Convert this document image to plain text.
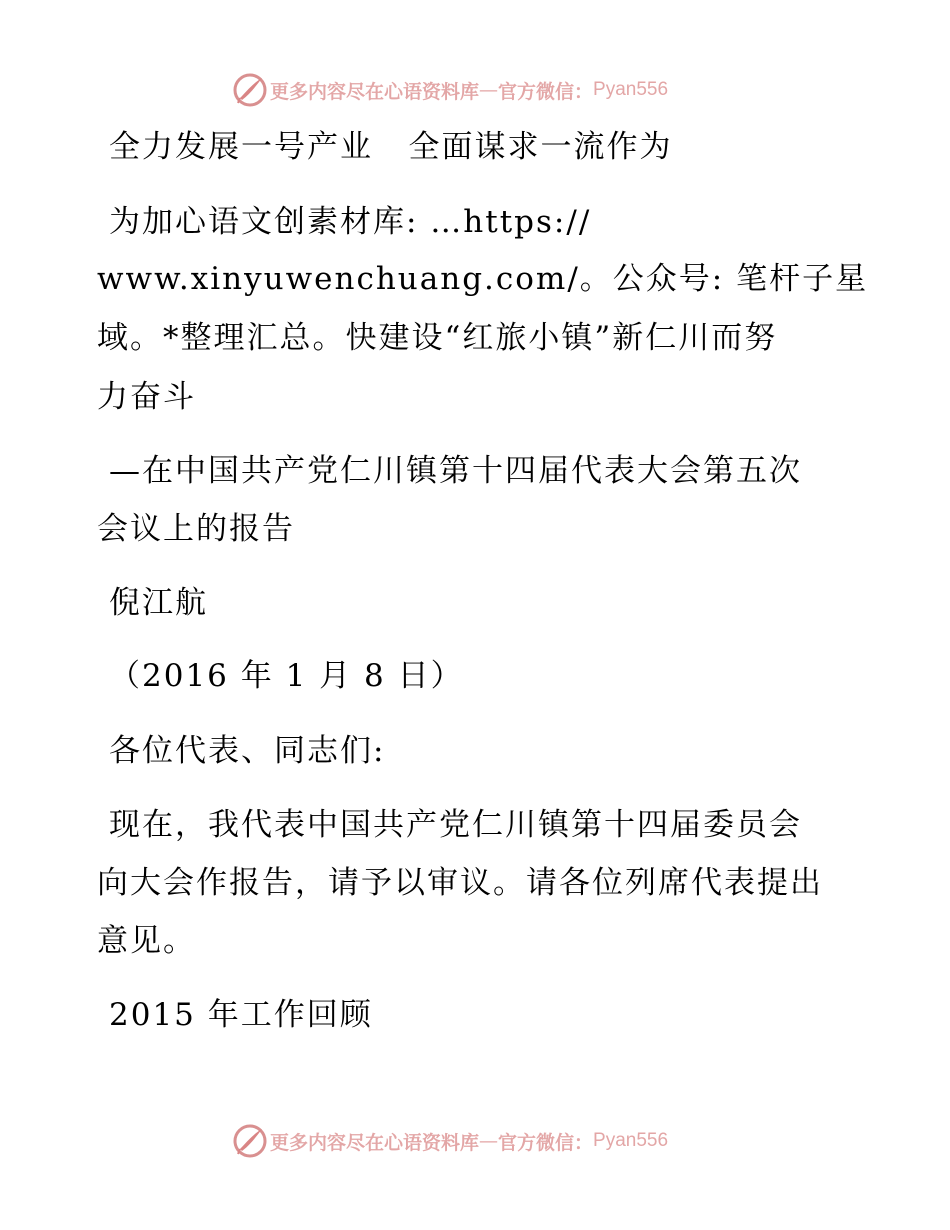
更多内容尽在心语资料库 — 官方微信： Pyan556
全力发展一号产业   全面谋求一流作为
为加心语文创素材库: …https://
www.xinyuwenchuang.com/。公众号: 笔杆子星
域。*整理汇总。快建设“红旅小镇”新仁川而努
力奋斗
—在中国共产党仁川镇第十四届代表大会第五次
会议上的报告
倪江航
（2016 年 1 月 8 日）
各位代表、同志们:
现在，我代表中国共产党仁川镇第十四届委员会
向大会作报告，请予以审议。请各位列席代表提出
意见。
2015 年工作回顾
更多内容尽在心语资料库 — 官方微信： Pyan556
